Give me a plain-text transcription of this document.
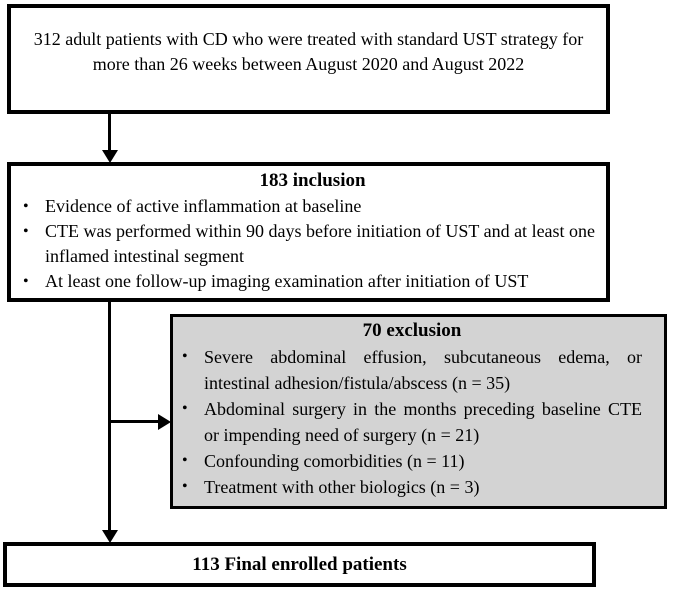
312 adult patients with CD who were treated with standard UST strategy for more than 26 weeks between August 2020 and August 2022
183 inclusion
• Evidence of active inflammation at baseline
• CTE was performed within 90 days before initiation of UST and at least one inflamed intestinal segment
• At least one follow-up imaging examination after initiation of UST
70 exclusion
• Severe abdominal effusion, subcutaneous edema, or intestinal adhesion/fistula/abscess (n = 35)
• Abdominal surgery in the months preceding baseline CTE or impending need of surgery (n = 21)
• Confounding comorbidities (n = 11)
• Treatment with other biologics (n = 3)
113 Final enrolled patients
